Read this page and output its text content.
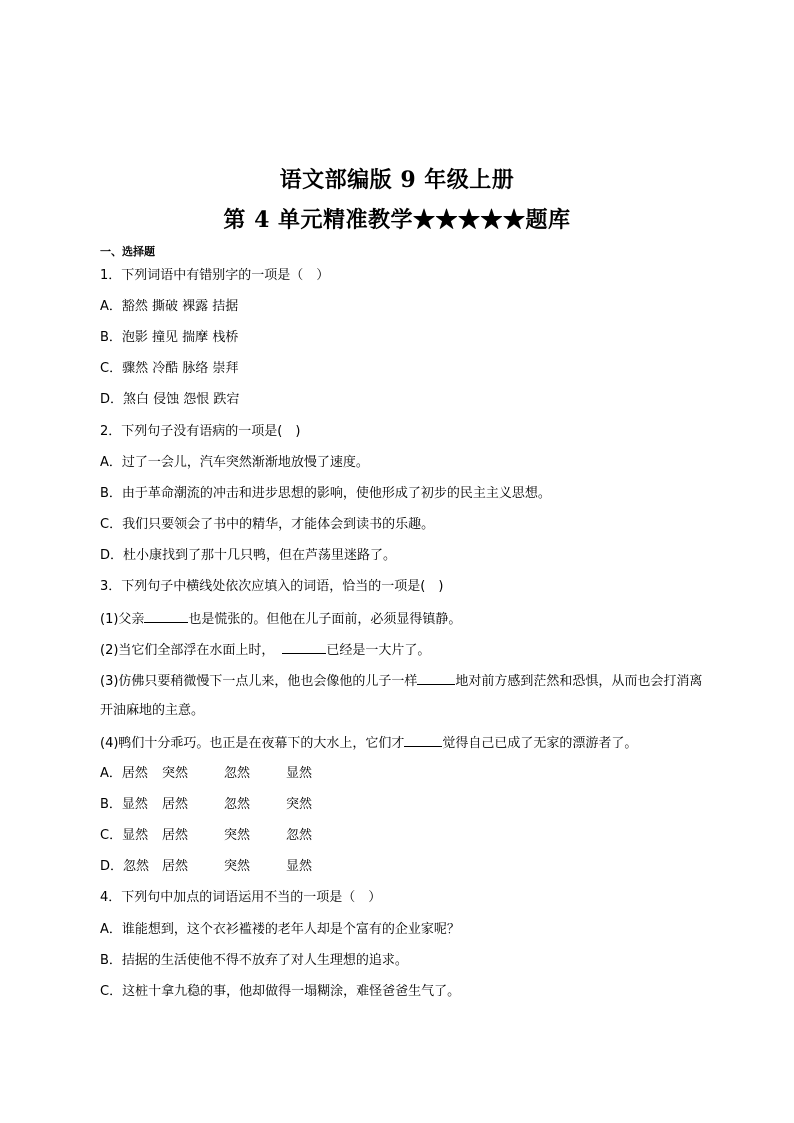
语文部编版 9 年级上册
第 4 单元精准教学★★★★★题库
一、选择题
1．下列词语中有错别字的一项是（　）
A．豁然 撕破 裸露 拮据
B．泡影 撞见 揣摩 栈桥
C．骤然 冷酷 脉络 崇拜
D．煞白 侵蚀 怨恨 跌宕
2．下列句子没有语病的一项是(　)
A．过了一会儿，汽车突然渐渐地放慢了速度。
B．由于革命潮流的冲击和进步思想的影响，使他形成了初步的民主主义思想。
C．我们只要领会了书中的精华，才能体会到读书的乐趣。
D．杜小康找到了那十几只鸭，但在芦荡里迷路了。
3．下列句子中横线处依次应填入的词语，恰当的一项是(　)
(1)父亲	也是慌张的。但他在儿子面前，必须显得镇静。
(2)当它们全部浮在水面上时，	已经是一大片了。
(3)仿佛只要稍微慢下一点儿来，他也会像他的儿子一样	地对前方感到茫然和恐惧，从而也会打消离
开油麻地的主意。
(4)鸭们十分乖巧。也正是在夜幕下的大水上，它们才	觉得自己已成了无家的漂游者了。
A．居然 突然	忽然	显然
B．显然 居然	忽然	突然
C．显然 居然	突然	忽然
D．忽然 居然	突然	显然
4．下列句中加点的词语运用不当的一项是（　）
A．谁能想到，这个衣衫褴褛的老年人却是个富有的企业家呢？
B．拮据的生活使他不得不放弃了对人生理想的追求。
C．这桩十拿九稳的事，他却做得一塌糊涂，难怪爸爸生气了。
